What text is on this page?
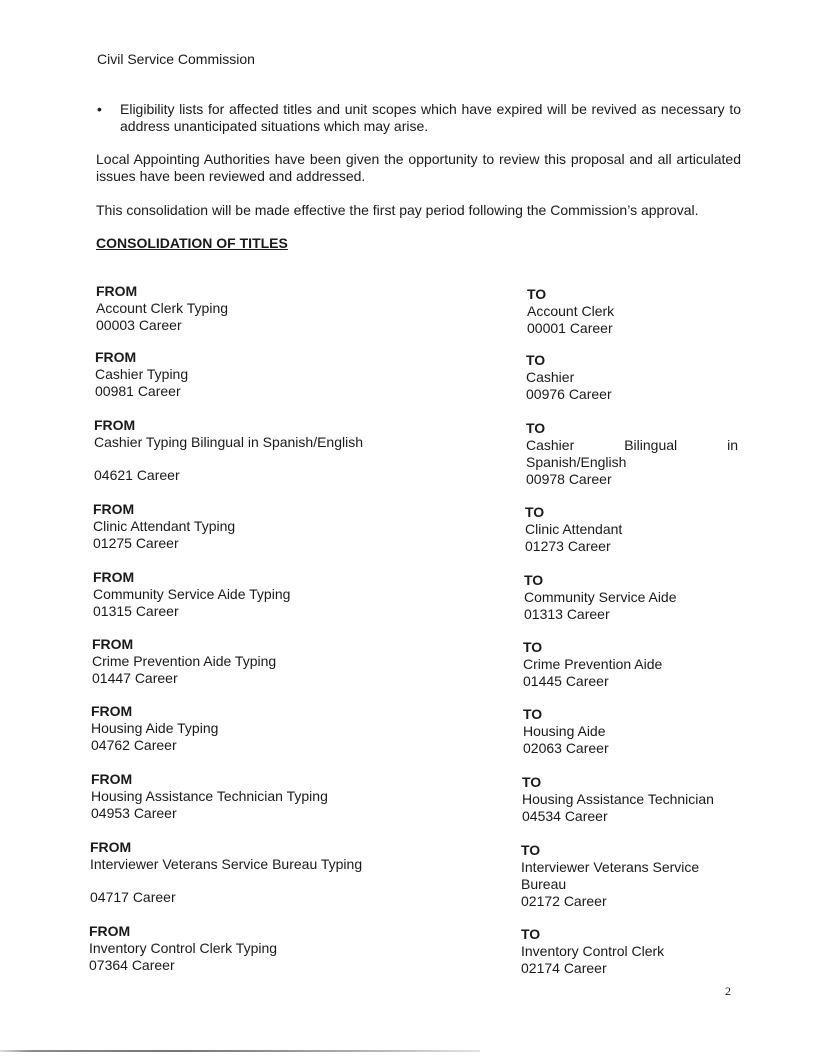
Civil Service Commission
•	Eligibility lists for affected titles and unit scopes which have expired will be revived as necessary to address unanticipated situations which may arise.
Local Appointing Authorities have been given the opportunity to review this proposal and all articulated issues have been reviewed and addressed.
This consolidation will be made effective the first pay period following the Commission’s approval.
CONSOLIDATION OF TITLES
FROM
Account Clerk Typing
00003 Career
TO
Account Clerk
00001 Career
FROM
Cashier Typing
00981 Career
TO
Cashier
00976 Career
FROM
Cashier Typing Bilingual in Spanish/English
04621 Career
TO
Cashier	Bilingual	in
Spanish/English
00978 Career
FROM
Clinic Attendant Typing
01275 Career
TO
Clinic Attendant
01273 Career
FROM
Community Service Aide Typing
01315 Career
TO
Community Service Aide
01313 Career
FROM
Crime Prevention Aide Typing
01447 Career
TO
Crime Prevention Aide
01445 Career
FROM
Housing Aide Typing
04762 Career
TO
Housing Aide
02063 Career
FROM
Housing Assistance Technician Typing
04953 Career
TO
Housing Assistance Technician
04534 Career
FROM
Interviewer Veterans Service Bureau Typing
04717 Career
TO
Interviewer Veterans Service
Bureau
02172 Career
FROM
Inventory Control Clerk Typing
07364 Career
TO
Inventory Control Clerk
02174 Career
2
